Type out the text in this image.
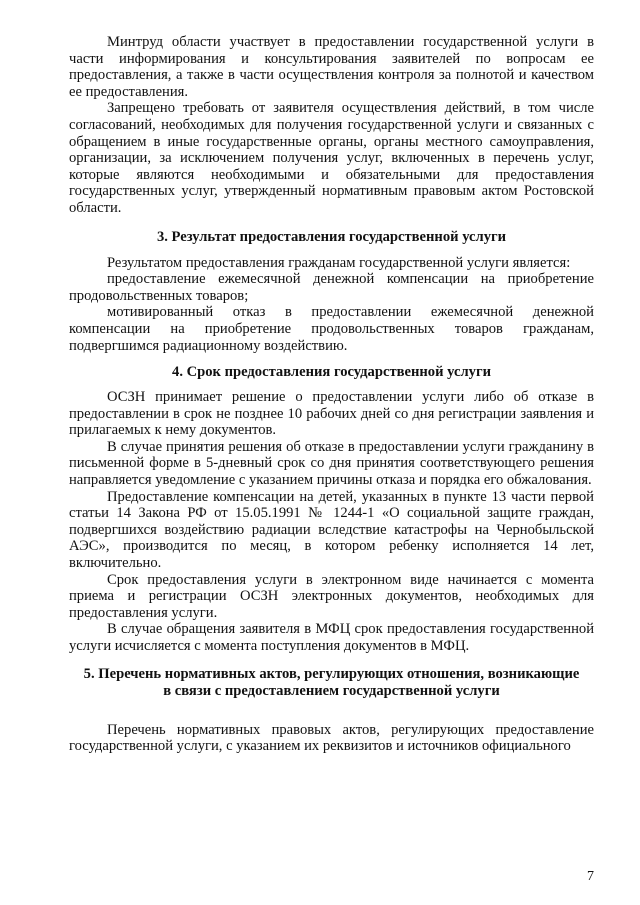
Минтруд области участвует в предоставлении государственной услуги в части информирования и консультирования заявителей по вопросам ее предоставления, а также в части осуществления контроля за полнотой и качеством ее предоставления.

Запрещено требовать от заявителя осуществления действий, в том числе согласований, необходимых для получения государственной услуги и связанных с обращением в иные государственные органы, органы местного самоуправления, организации, за исключением получения услуг, включенных в перечень услуг, которые являются необходимыми и обязательными для предоставления государственных услуг, утвержденный нормативным правовым актом Ростовской области.

3. Результат предоставления государственной услуги

Результатом предоставления гражданам государственной услуги является:

предоставление ежемесячной денежной компенсации на приобретение продовольственных товаров;

мотивированный отказ в предоставлении ежемесячной денежной компенсации на приобретение продовольственных товаров гражданам, подвергшимся радиационному воздействию.

4. Срок предоставления государственной услуги

ОСЗН принимает решение о предоставлении услуги либо об отказе в предоставлении в срок не позднее 10 рабочих дней со дня регистрации заявления и прилагаемых к нему документов.

В случае принятия решения об отказе в предоставлении услуги гражданину в письменной форме в 5-дневный срок со дня принятия соответствующего решения направляется уведомление с указанием причины отказа и порядка его обжалования.

Предоставление компенсации на детей, указанных в пункте 13 части первой статьи 14 Закона РФ от 15.05.1991 № 1244-1 «О социальной защите граждан, подвергшихся воздействию радиации вследствие катастрофы на Чернобыльской АЭС», производится по месяц, в котором ребенку исполняется 14 лет, включительно.

Срок предоставления услуги в электронном виде начинается с момента приема и регистрации ОСЗН электронных документов, необходимых для предоставления услуги.

В случае обращения заявителя в МФЦ срок предоставления государственной услуги исчисляется с момента поступления документов в МФЦ.

5. Перечень нормативных актов, регулирующих отношения, возникающие
в связи с предоставлением государственной услуги

Перечень нормативных правовых актов, регулирующих предоставление государственной услуги, с указанием их реквизитов и источников официального

7
